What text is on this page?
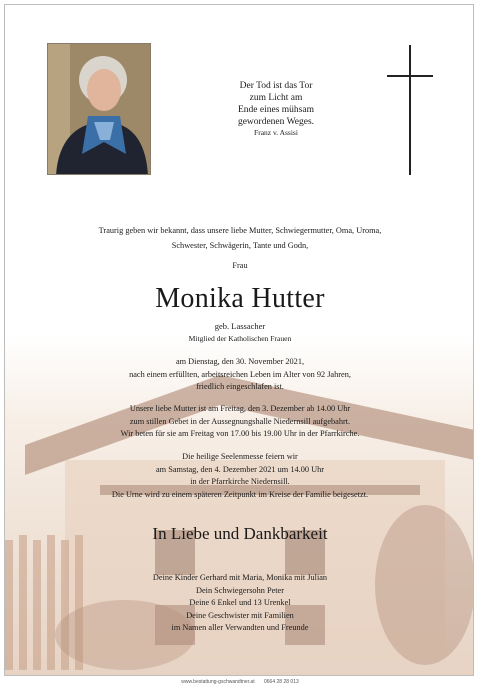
Der Tod ist das Tor
zum Licht am
Ende eines mühsam
gewordenen Weges.
Franz v. Assisi
Traurig geben wir bekannt, dass unsere liebe Mutter, Schwiegermutter, Oma, Uroma,
Schwester, Schwägerin, Tante und Godn,
Frau
Monika Hutter
geb. Lassacher
Mitglied der Katholischen Frauen
am Dienstag, den 30. November 2021,
nach einem erfüllten, arbeitsreichen Leben im Alter von 92 Jahren,
friedlich eingeschlafen ist.
Unsere liebe Mutter ist am Freitag, den 3. Dezember ab 14.00 Uhr
zum stillen Gebet in der Aussegnungshalle Niedernsill aufgebahrt.
Wir beten für sie am Freitag von 17.00 bis 19.00 Uhr in der Pfarrkirche.
Die heilige Seelenmesse feiern wir
am Samstag, den 4. Dezember 2021 um 14.00 Uhr
in der Pfarrkirche Niedernsill.
Die Urne wird zu einem späteren Zeitpunkt im Kreise der Familie beigesetzt.
In Liebe und Dankbarkeit
Deine Kinder Gerhard mit Maria, Monika mit Julian
Dein Schwiegersohn Peter
Deine 6 Enkel und 13 Urenkel
Deine Geschwister mit Familien
im Namen aller Verwandten und Freunde
www.bestattung-gschwandtner.at 0664 28 28 013
